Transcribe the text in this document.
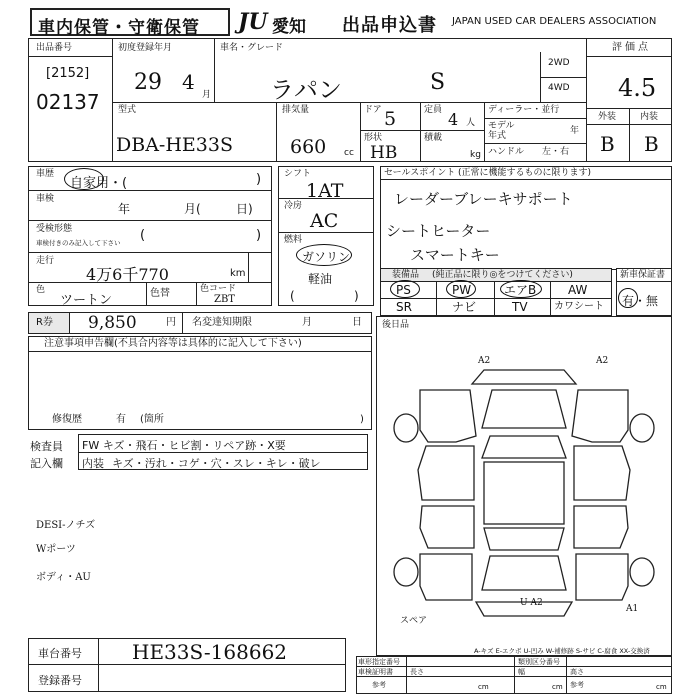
車内保管・守衛保管 JU 愛知 出品申込書 JAPAN USED CAR DEALERS ASSOCIATION
出品番号
[2152]
02137
初度登録年月
29 4
月
車名・グレード
ラパン	S
2WD
4WD
評価点
4.5
外装	内装
B B
型式
DBA-HE33S
排気量
660 cc
ドア 5
形状
HB
定員 4 人
積載
kg
ディーラー・並行
モデル
年式	年
ハンドル 左・右
車歴
自家用・(	)
車検
年	月(	日)
受検形態
車検付きのみ記入して下さい (	)
走行
4万6千770	km
色
ツートン	色替	色コード
ZBT
シフト
1AT
冷房
AC
燃料
ガソリン
軽油
(	)
セールスポイント (正常に機能するものに限ります)
レーダーブレーキサポート
シートヒーター
スマートキー
装備品 (純正品に限り◎をつけてください)
PS	PW	エアB	AW
SR	ナビ	TV	カワシート
新車保証書
有・無
R券 9,850	円 名変達知期限	月	日
注意事項申告欄(不具合内容等は具体的に記入して下さい)
修復歴	有 (箇所	)
検査員
記入欄
FW キズ・飛石・ヒビ割・リペア跡・X要
内装 キズ・汚れ・コゲ・穴・スレ・キレ・破レ
DESI-ノチズ
Wポーツ
ボディ・AU
後日品
A2	A2
U A2
A1
スペア
A-キズ E-エクボ U-凹み W-補修跡 S-サビ C-腐食 XX-交換済
車台番号	HE33S-168662
登録番号
車形指定番号	類別区分番号
車検証明書
参考
長さ
cm
幅
cm
高さ
cm
参考
